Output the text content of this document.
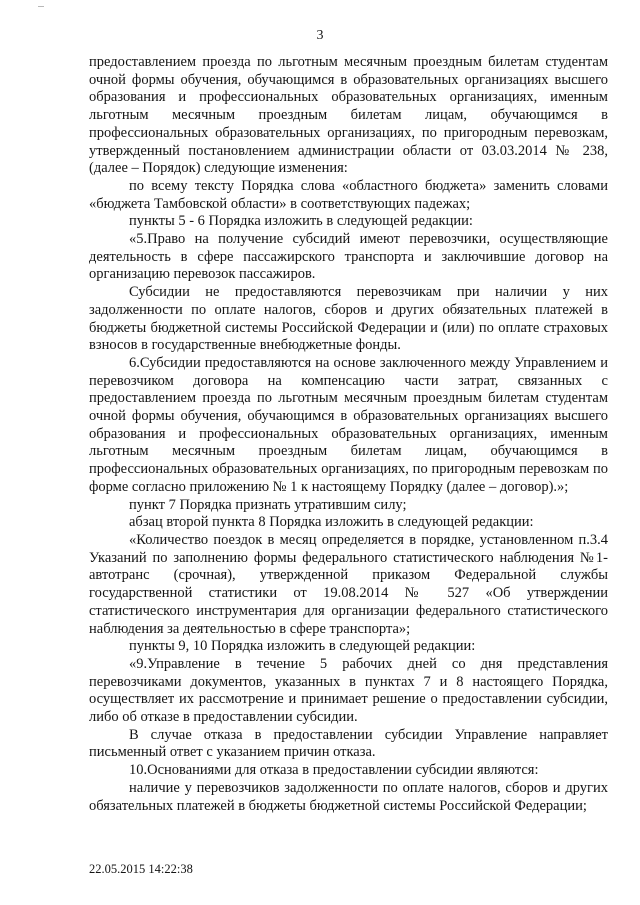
3

предоставлением проезда по льготным месячным проездным билетам студентам очной формы обучения, обучающимся в образовательных организациях высшего образования и профессиональных образовательных организациях, именным льготным месячным проездным билетам лицам, обучающимся в профессиональных образовательных организациях, по пригородным перевозкам, утвержденный постановлением администрации области от 03.03.2014 № 238, (далее – Порядок) следующие изменения:

по всему тексту Порядка слова «областного бюджета» заменить словами «бюджета Тамбовской области» в соответствующих падежах;

пункты 5 - 6 Порядка изложить в следующей редакции:

«5.Право на получение субсидий имеют перевозчики, осуществляющие деятельность в сфере пассажирского транспорта и заключившие договор на организацию перевозок пассажиров.

Субсидии не предоставляются перевозчикам при наличии у них задолженности по оплате налогов, сборов и других обязательных платежей в бюджеты бюджетной системы Российской Федерации и (или) по оплате страховых взносов в государственные внебюджетные фонды.

6.Субсидии предоставляются на основе заключенного между Управлением и перевозчиком договора на компенсацию части затрат, связанных с предоставлением проезда по льготным месячным проездным билетам студентам очной формы обучения, обучающимся в образовательных организациях высшего образования и профессиональных образовательных организациях, именным льготным месячным проездным билетам лицам, обучающимся в профессиональных образовательных организациях, по пригородным перевозкам по форме согласно приложению № 1 к настоящему Порядку (далее – договор).»;

пункт 7 Порядка признать утратившим силу;

абзац второй пункта 8 Порядка изложить в следующей редакции:

«Количество поездок в месяц определяется в порядке, установленном п.3.4 Указаний по заполнению формы федерального статистического наблюдения №1-автотранс (срочная), утвержденной приказом Федеральной службы государственной статистики от 19.08.2014 № 527 «Об утверждении статистического инструментария для организации федерального статистического наблюдения за деятельностью в сфере транспорта»;

пункты 9, 10 Порядка изложить в следующей редакции:

«9.Управление в течение 5 рабочих дней со дня представления перевозчиками документов, указанных в пунктах 7 и 8 настоящего Порядка, осуществляет их рассмотрение и принимает решение о предоставлении субсидии, либо об отказе в предоставлении субсидии.

В случае отказа в предоставлении субсидии Управление направляет письменный ответ с указанием причин отказа.

10.Основаниями для отказа в предоставлении субсидии являются:

наличие у перевозчиков задолженности по оплате налогов, сборов и других обязательных платежей в бюджеты бюджетной системы Российской Федерации;

22.05.2015 14:22:38
